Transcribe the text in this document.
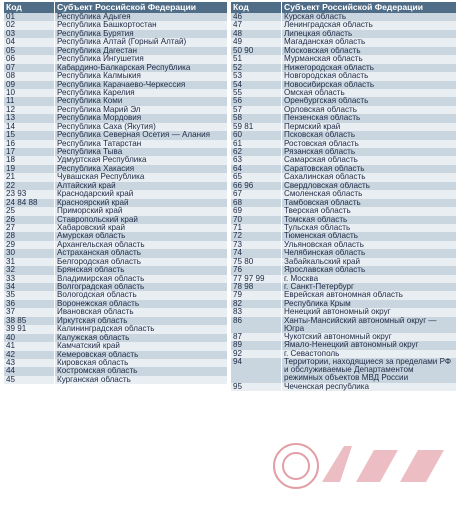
Код	Субъект Российской Федерации
01	Республика Адыгея
02	Республика Башкортостан
03	Республика Бурятия
04	Республика Алтай (Горный Алтай)
05	Республика Дагестан
06	Республика Ингушетия
07	Кабардино-Балкарская Республика
08	Республика Калмыкия
09	Республика Карачаево-Черкессия
10	Республика Карелия
11	Республика Коми
12	Республика Марий Эл
13	Республика Мордовия
14	Республика Саха (Якутия)
15	Республика Северная Осетия — Алания
16	Республика Татарстан
17	Республика Тыва
18	Удмуртская Республика
19	Республика Хакасия
21	Чувашская Республика
22	Алтайский край
23 93	Краснодарский край
24 84 88	Красноярский край
25	Приморский край
26	Ставропольский край
27	Хабаровский край
28	Амурская область
29	Архангельская область
30	Астраханская область
31	Белгородская область
32	Брянская область
33	Владимирская область
34	Волгоградская область
35	Вологодская область
36	Воронежская область
37	Ивановская область
38 85	Иркутская область
39 91	Калининградская область
40	Калужская область
41	Камчатский край
42	Кемеровская область
43	Кировская область
44	Костромская область
45	Курганская область
Код	Субъект Российской Федерации
46	Курская область
47	Ленинградская область
48	Липецкая область
49	Магаданская область
50 90	Московская область
51	Мурманская область
52	Нижегородская область
53	Новгородская область
54	Новосибирская область
55	Омская область
56	Оренбургская область
57	Орловская область
58	Пензенская область
59 81	Пермский край
60	Псковская область
61	Ростовская область
62	Рязанская область
63	Самарская область
64	Саратовская область
65	Сахалинская область
66 96	Свердловская область
67	Смоленская область
68	Тамбовская область
69	Тверская область
70	Томская область
71	Тульская область
72	Тюменская область
73	Ульяновская область
74	Челябинская область
75 80	Забайкальский край
76	Ярославская область
77 97 99	г. Москва
78 98	г. Санкт-Петербург
79	Еврейская автономная область
82	Республика Крым
83	Ненецкий автономный округ
86	Ханты-Мансийский автономный округ — Югра
87	Чукотский автономный округ
89	Ямало-Ненецкий автономный округ
92	г. Севастополь
94	Территории, находящиеся за пределами РФ и обслуживаемые Департаментом режимных объектов МВД России
95	Чеченская республика
